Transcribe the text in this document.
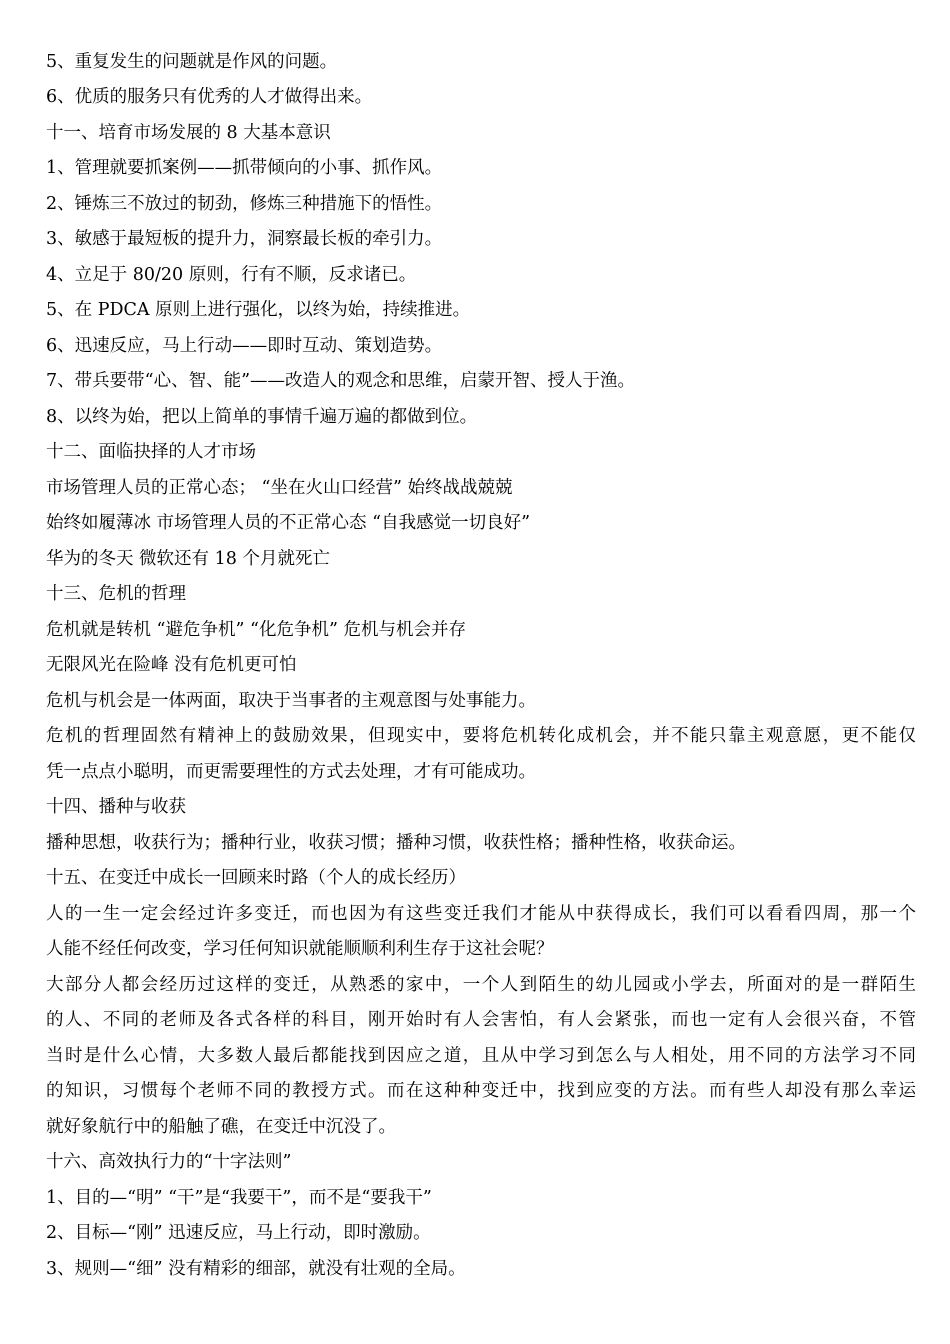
5、重复发生的问题就是作风的问题。
6、优质的服务只有优秀的人才做得出来。
十一、培育市场发展的 8 大基本意识
1、管理就要抓案例——抓带倾向的小事、抓作风。
2、锤炼三不放过的韧劲，修炼三种措施下的悟性。
3、敏感于最短板的提升力，洞察最长板的牵引力。
4、立足于 80/20 原则，行有不顺，反求诸已。
5、在 PDCA 原则上进行强化，以终为始，持续推进。
6、迅速反应，马上行动——即时互动、策划造势。
7、带兵要带“心、智、能”——改造人的观念和思维，启蒙开智、授人于渔。
8、以终为始，把以上简单的事情千遍万遍的都做到位。
十二、面临抉择的人才市场
市场管理人员的正常心态； “坐在火山口经营” 始终战战兢兢
始终如履薄冰 市场管理人员的不正常心态 “自我感觉一切良好”
华为的冬天 微软还有 18 个月就死亡
十三、危机的哲理
危机就是转机 “避危争机” “化危争机” 危机与机会并存
无限风光在险峰 没有危机更可怕
危机与机会是一体两面，取决于当事者的主观意图与处事能力。
危机的哲理固然有精神上的鼓励效果，但现实中，要将危机转化成机会，并不能只靠主观意愿，更不能仅
凭一点点小聪明，而更需要理性的方式去处理，才有可能成功。
十四、播种与收获
播种思想，收获行为；播种行业，收获习惯；播种习惯，收获性格；播种性格，收获命运。
十五、在变迁中成长一回顾来时路（个人的成长经历）
人的一生一定会经过许多变迁，而也因为有这些变迁我们才能从中获得成长，我们可以看看四周，那一个
人能不经任何改变，学习任何知识就能顺顺利利生存于这社会呢？
大部分人都会经历过这样的变迁，从熟悉的家中，一个人到陌生的幼儿园或小学去，所面对的是一群陌生
的人、不同的老师及各式各样的科目，刚开始时有人会害怕，有人会紧张，而也一定有人会很兴奋，不管
当时是什么心情，大多数人最后都能找到因应之道，且从中学习到怎么与人相处，用不同的方法学习不同
的知识，习惯每个老师不同的教授方式。而在这种种变迁中，找到应变的方法。而有些人却没有那么幸运
就好象航行中的船触了礁，在变迁中沉没了。
十六、高效执行力的“十字法则”
1、目的—“明” “干”是“我要干”，而不是“要我干”
2、目标—“刚” 迅速反应，马上行动，即时激励。
3、规则—“细” 没有精彩的细部，就没有壮观的全局。
